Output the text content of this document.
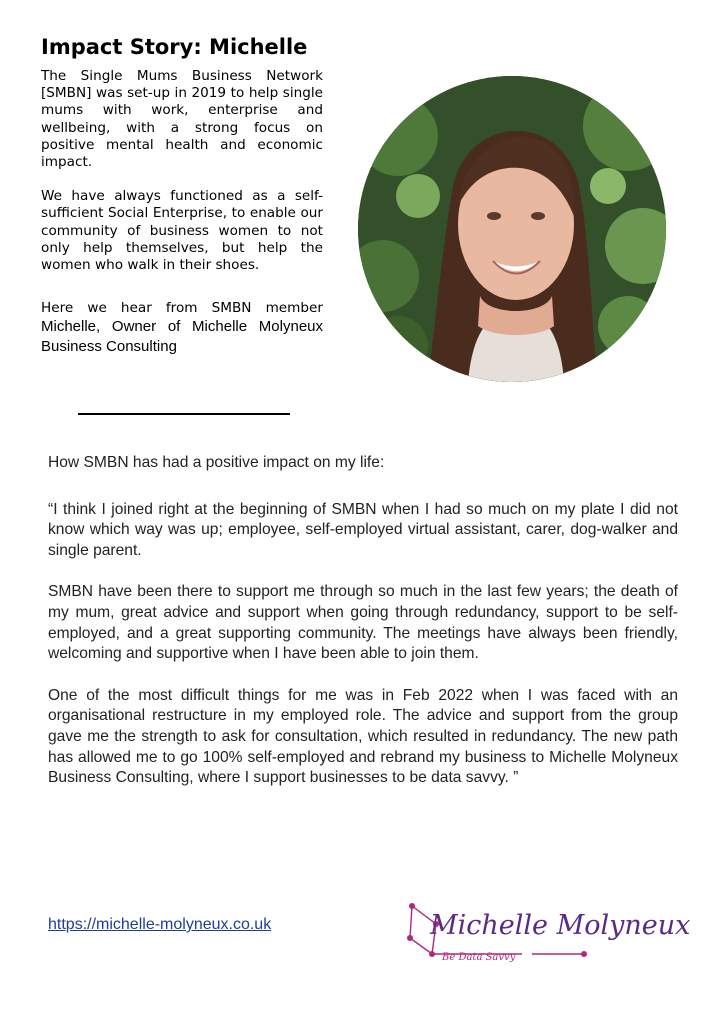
Impact Story: Michelle

The Single Mums Business Network [SMBN] was set-up in 2019 to help single mums with work, enterprise and wellbeing, with a strong focus on positive mental health and economic impact.

We have always functioned as a self-sufficient Social Enterprise, to enable our community of business women to not only help themselves, but help the women who walk in their shoes.

Here we hear from SMBN member Michelle, Owner of Michelle Molyneux Business Consulting

How SMBN has had a positive impact on my life:

“I think I joined right at the beginning of SMBN when I had so much on my plate I did not know which way was up; employee, self-employed virtual assistant, carer, dog-walker and single parent.

SMBN have been there to support me through so much in the last few years; the death of my mum, great advice and support when going through redundancy, support to be self-employed, and a great supporting community. The meetings have always been friendly, welcoming and supportive when I have been able to join them.

One of the most difficult things for me was in Feb 2022 when I was faced with an organisational restructure in my employed role. The advice and support from the group gave me the strength to ask for consultation, which resulted in redundancy. The new path has allowed me to go 100% self-employed and rebrand my business to Michelle Molyneux Business Consulting, where I support businesses to be data savvy. ”

https://michelle-molyneux.co.uk	Michelle Molyneux
Be Data Savvy
